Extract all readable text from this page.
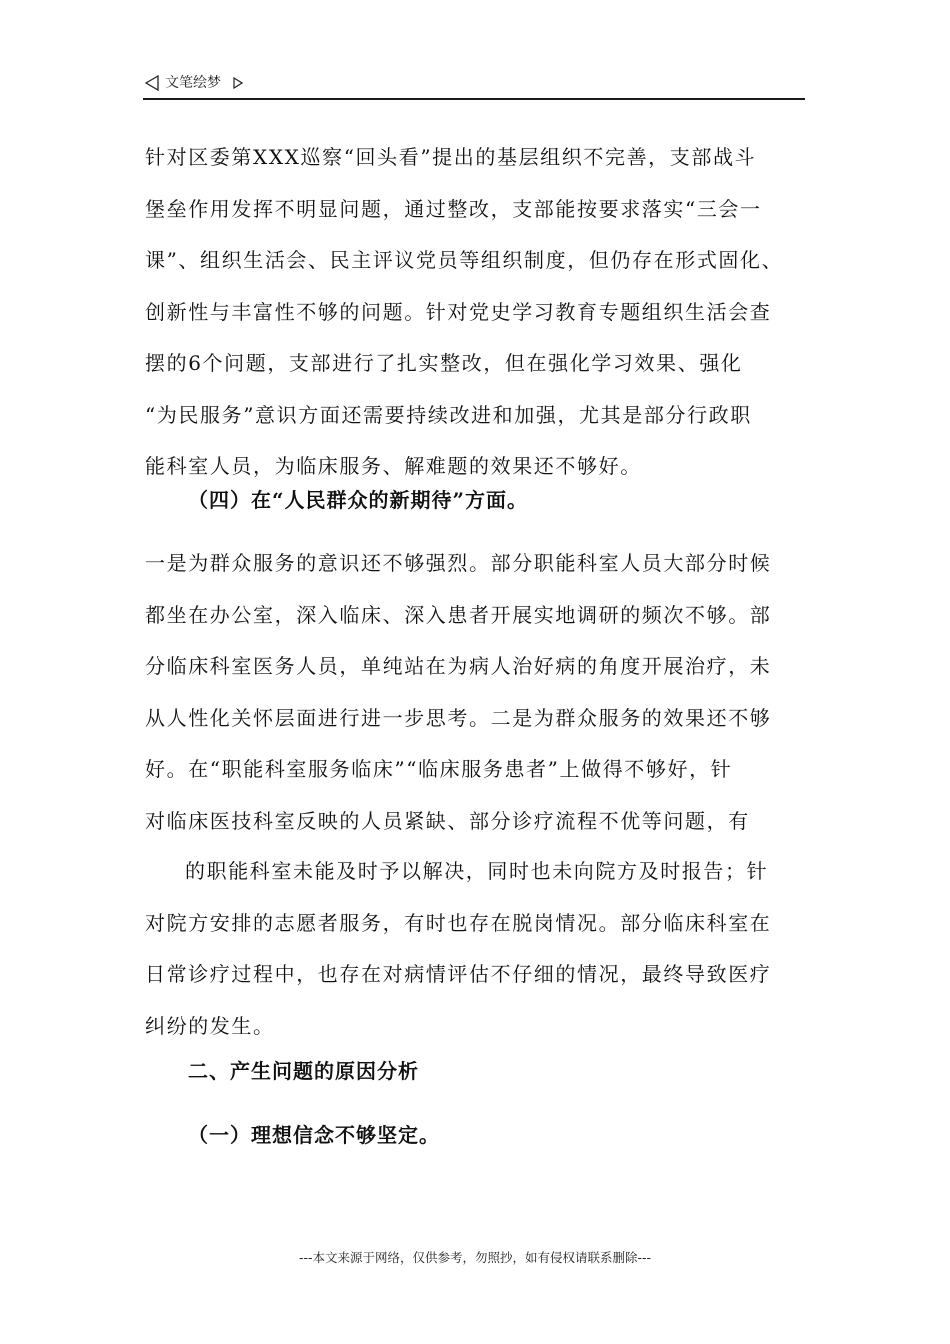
文笔绘梦
针对区委第XXX巡察“回头看”提出的基层组织不完善，支部战斗
堡垒作用发挥不明显问题，通过整改，支部能按要求落实“三会一
课”、组织生活会、民主评议党员等组织制度，但仍存在形式固化、
创新性与丰富性不够的问题。针对党史学习教育专题组织生活会查
摆的6个问题，支部进行了扎实整改，但在强化学习效果、强化
“为民服务”意识方面还需要持续改进和加强，尤其是部分行政职
能科室人员，为临床服务、解难题的效果还不够好。

（四）在“人民群众的新期待”方面。

一是为群众服务的意识还不够强烈。部分职能科室人员大部分时候
都坐在办公室，深入临床、深入患者开展实地调研的频次不够。部
分临床科室医务人员，单纯站在为病人治好病的角度开展治疗，未
从人性化关怀层面进行进一步思考。二是为群众服务的效果还不够
好。在“职能科室服务临床”“临床服务患者”上做得不够好，针
对临床医技科室反映的人员紧缺、部分诊疗流程不优等问题，有
的职能科室未能及时予以解决，同时也未向院方及时报告；针
对院方安排的志愿者服务，有时也存在脱岗情况。部分临床科室在
日常诊疗过程中，也存在对病情评估不仔细的情况，最终导致医疗
纠纷的发生。

二、产生问题的原因分析

（一）理想信念不够坚定。

---本文来源于网络，仅供参考，勿照抄，如有侵权请联系删除---
